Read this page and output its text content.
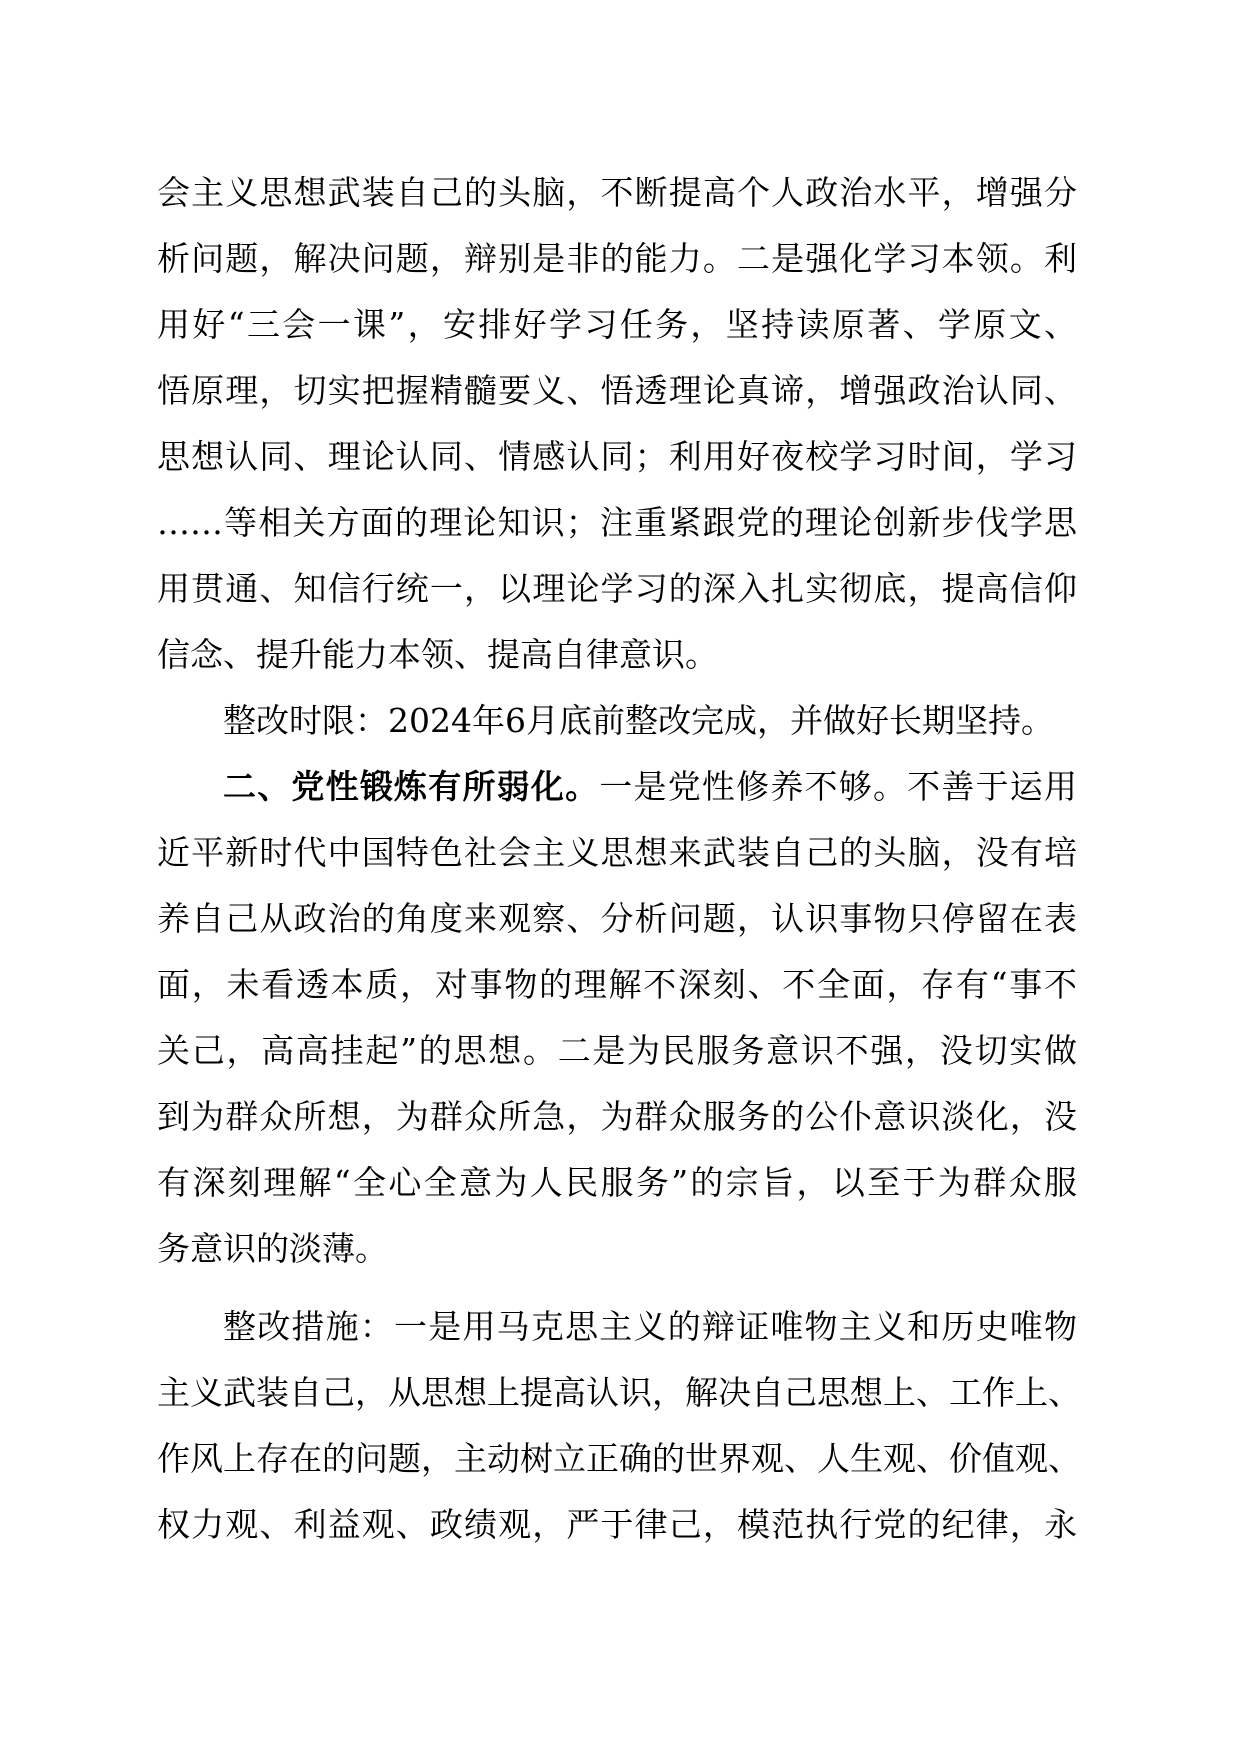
会主义思想武装自己的头脑，不断提高个人政治水平，增强分
析问题，解决问题，辩别是非的能力。二是强化学习本领。利
用好“三会一课”，安排好学习任务，坚持读原著、学原文、
悟原理，切实把握精髓要义、悟透理论真谛，增强政治认同、
思想认同、理论认同、情感认同；利用好夜校学习时间，学习
……等相关方面的理论知识；注重紧跟党的理论创新步伐学思
用贯通、知信行统一，以理论学习的深入扎实彻底，提高信仰
信念、提升能力本领、提高自律意识。
整改时限：2024年6月底前整改完成，并做好长期坚持。
二、党性锻炼有所弱化。一是党性修养不够。不善于运用
近平新时代中国特色社会主义思想来武装自己的头脑，没有培
养自己从政治的角度来观察、分析问题，认识事物只停留在表
面，未看透本质，对事物的理解不深刻、不全面，存有“事不
关己，高高挂起”的思想。二是为民服务意识不强，没切实做
到为群众所想，为群众所急，为群众服务的公仆意识淡化，没
有深刻理解“全心全意为人民服务”的宗旨，以至于为群众服
务意识的淡薄。
整改措施：一是用马克思主义的辩证唯物主义和历史唯物
主义武装自己，从思想上提高认识，解决自己思想上、工作上、
作风上存在的问题，主动树立正确的世界观、人生观、价值观、
权力观、利益观、政绩观，严于律己，模范执行党的纪律，永
